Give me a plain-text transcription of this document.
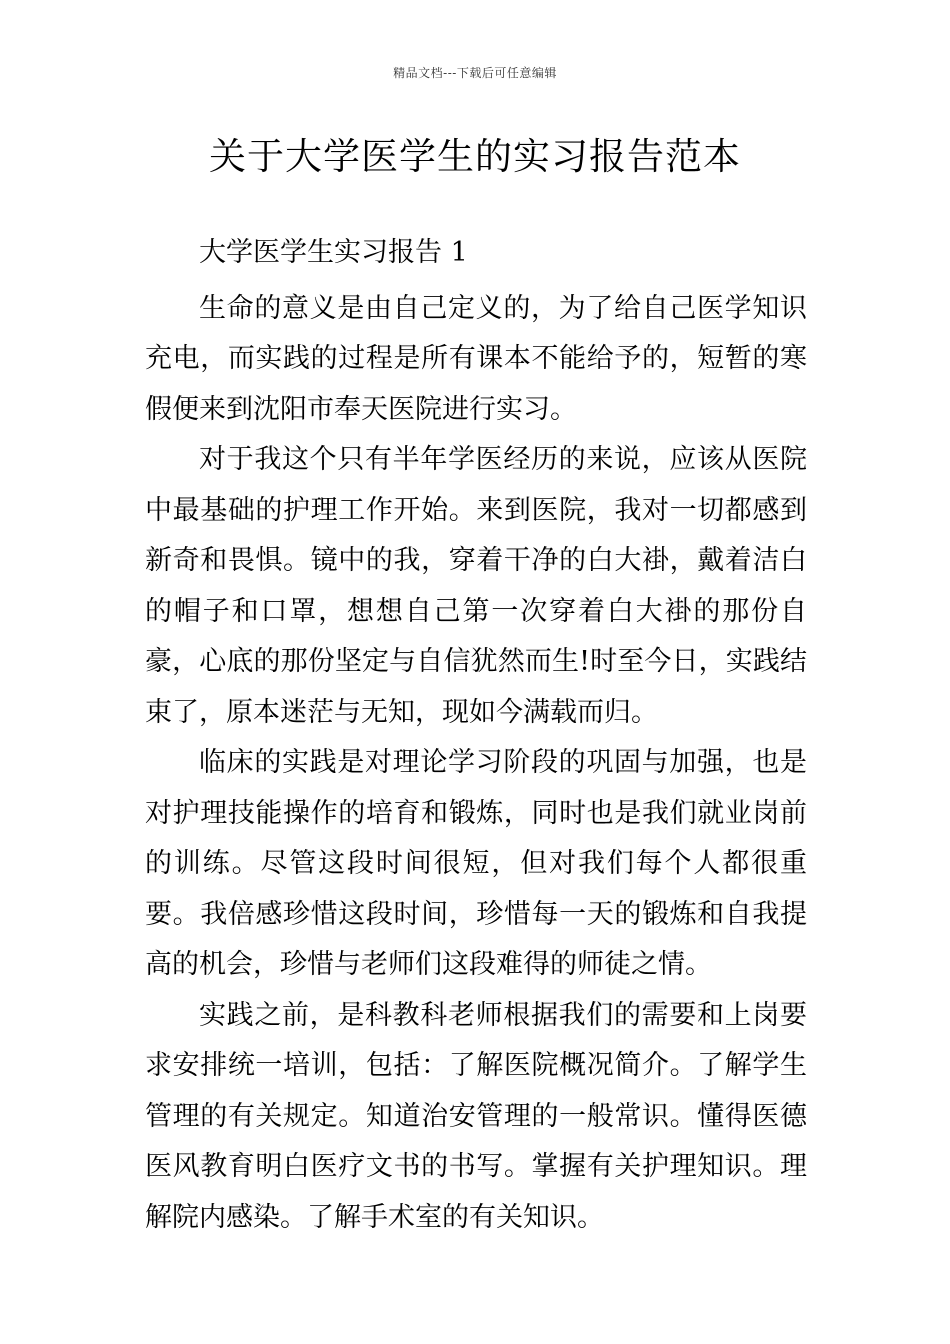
精品文档---下载后可任意编辑
关于大学医学生的实习报告范本

大学医学生实习报告 1

生命的意义是由自己定义的，为了给自己医学知识充电，而实践的过程是所有课本不能给予的，短暂的寒假便来到沈阳市奉天医院进行实习。

对于我这个只有半年学医经历的来说，应该从医院中最基础的护理工作开始。来到医院，我对一切都感到新奇和畏惧。镜中的我，穿着干净的白大褂，戴着洁白的帽子和口罩，想想自己第一次穿着白大褂的那份自豪，心底的那份坚定与自信犹然而生!时至今日，实践结束了，原本迷茫与无知，现如今满载而归。

临床的实践是对理论学习阶段的巩固与加强，也是对护理技能操作的培育和锻炼，同时也是我们就业岗前的训练。尽管这段时间很短，但对我们每个人都很重要。我倍感珍惜这段时间，珍惜每一天的锻炼和自我提高的机会，珍惜与老师们这段难得的师徒之情。

实践之前，是科教科老师根据我们的需要和上岗要求安排统一培训，包括：了解医院概况简介。了解学生管理的有关规定。知道治安管理的一般常识。懂得医德医风教育明白医疗文书的书写。掌握有关护理知识。理解院内感染。了解手术室的有关知识。
